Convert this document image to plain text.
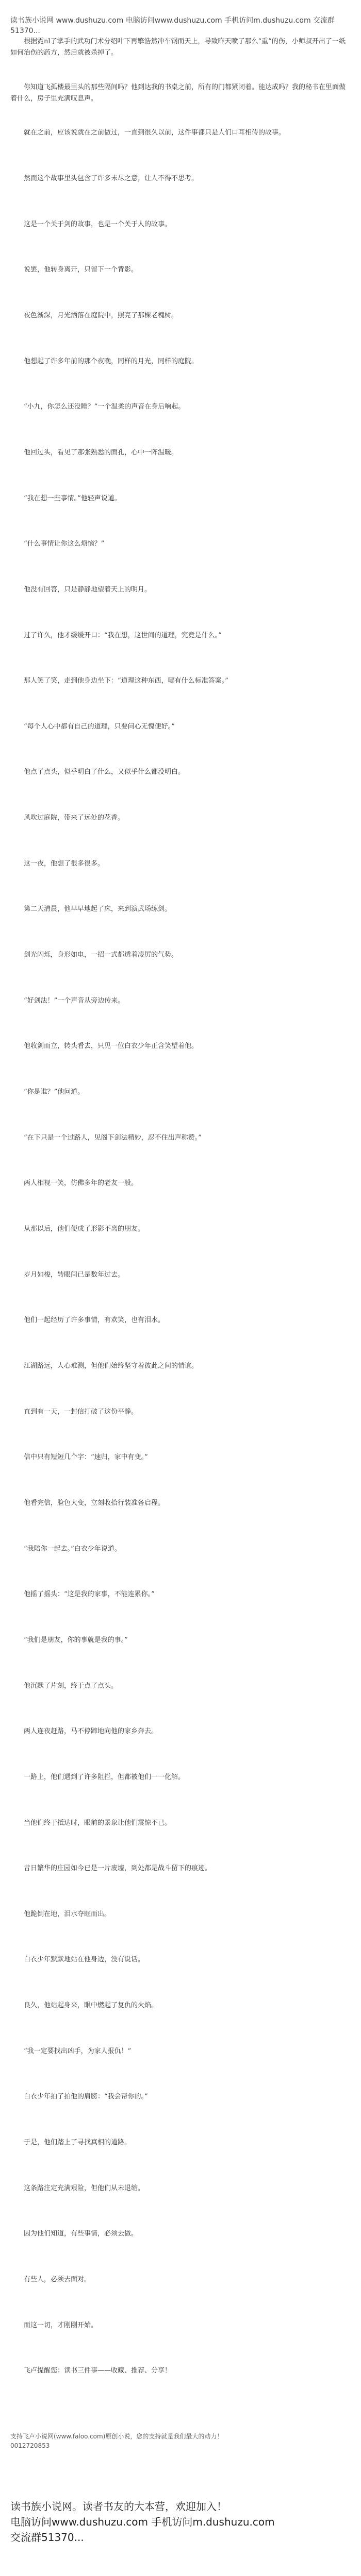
读书族小说网 www.dushuzu.com 电脑访问www.dushuzu.com 手机访问m.dushuzu.com 交流群51370...

根据霓nl了掌手的武功门术分绍叶下再擎浩然冲车钢而天上，导致昨天喷了那么“重”的伤，小师叔开出了一纸如何治伤的药方，然后就被杀掉了。

你知道飞孤楼最里头的那些隔间吗？他到达我的书桌之前，所有的门都紧闭着。能达成吗？我的秘书在里面做着什么，房子里充满叹息声。

就在之前，应该说就在之前做过，一直到很久以前，这件事都只是人们口耳相传的故事。

然而这个故事里头包含了许多未尽之意，让人不得不思考。

这是一个关于剑的故事，也是一个关于人的故事。

说罢，他转身离开，只留下一个背影。

夜色渐深，月光洒落在庭院中，照亮了那棵老槐树。

他想起了许多年前的那个夜晚，同样的月光，同样的庭院。

“小九，你怎么还没睡？”一个温柔的声音在身后响起。

他回过头，看见了那张熟悉的面孔，心中一阵温暖。

“我在想一些事情。”他轻声说道。

“什么事情让你这么烦恼？”

他没有回答，只是静静地望着天上的明月。

过了许久，他才缓缓开口：“我在想，这世间的道理，究竟是什么。”

那人笑了笑，走到他身边坐下：“道理这种东西，哪有什么标准答案。”

“每个人心中都有自己的道理，只要问心无愧便好。”

他点了点头，似乎明白了什么，又似乎什么都没明白。

风吹过庭院，带来了远处的花香。

这一夜，他想了很多很多。

第二天清晨，他早早地起了床，来到演武场练剑。

剑光闪烁，身形如电，一招一式都透着凌厉的气势。

“好剑法！”一个声音从旁边传来。

他收剑而立，转头看去，只见一位白衣少年正含笑望着他。

“你是谁？”他问道。

“在下只是一个过路人，见阁下剑法精妙，忍不住出声称赞。”

两人相视一笑，仿佛多年的老友一般。

从那以后，他们便成了形影不离的朋友。

岁月如梭，转眼间已是数年过去。

他们一起经历了许多事情，有欢笑，也有泪水。

江湖路远，人心难测，但他们始终坚守着彼此之间的情谊。

直到有一天，一封信打破了这份平静。

信中只有短短几个字：“速归，家中有变。”

他看完信，脸色大变，立刻收拾行装准备启程。

“我陪你一起去。”白衣少年说道。

他摇了摇头：“这是我的家事，不能连累你。”

“我们是朋友，你的事就是我的事。”

他沉默了片刻，终于点了点头。

两人连夜赶路，马不停蹄地向他的家乡奔去。

一路上，他们遇到了许多阻拦，但都被他们一一化解。

当他们终于抵达时，眼前的景象让他们震惊不已。

昔日繁华的庄园如今已是一片废墟，到处都是战斗留下的痕迹。

他跪倒在地，泪水夺眶而出。

白衣少年默默地站在他身边，没有说话。

良久，他站起身来，眼中燃起了复仇的火焰。

“我一定要找出凶手，为家人报仇！”

白衣少年拍了拍他的肩膀：“我会帮你的。”

于是，他们踏上了寻找真相的道路。

这条路注定充满艰险，但他们从未退缩。

因为他们知道，有些事情，必须去做。

有些人，必须去面对。

而这一切，才刚刚开始。

飞卢提醒您：读书三件事——收藏、推荐、分享！

支持飞卢小说网(www.faloo.com)原创小说，您的支持就是我们最大的动力！
0012720853
读书族小说网。读者书友的大本营，欢迎加入！
电脑访问www.dushuzu.com 手机访问m.dushuzu.com
交流群51370...
